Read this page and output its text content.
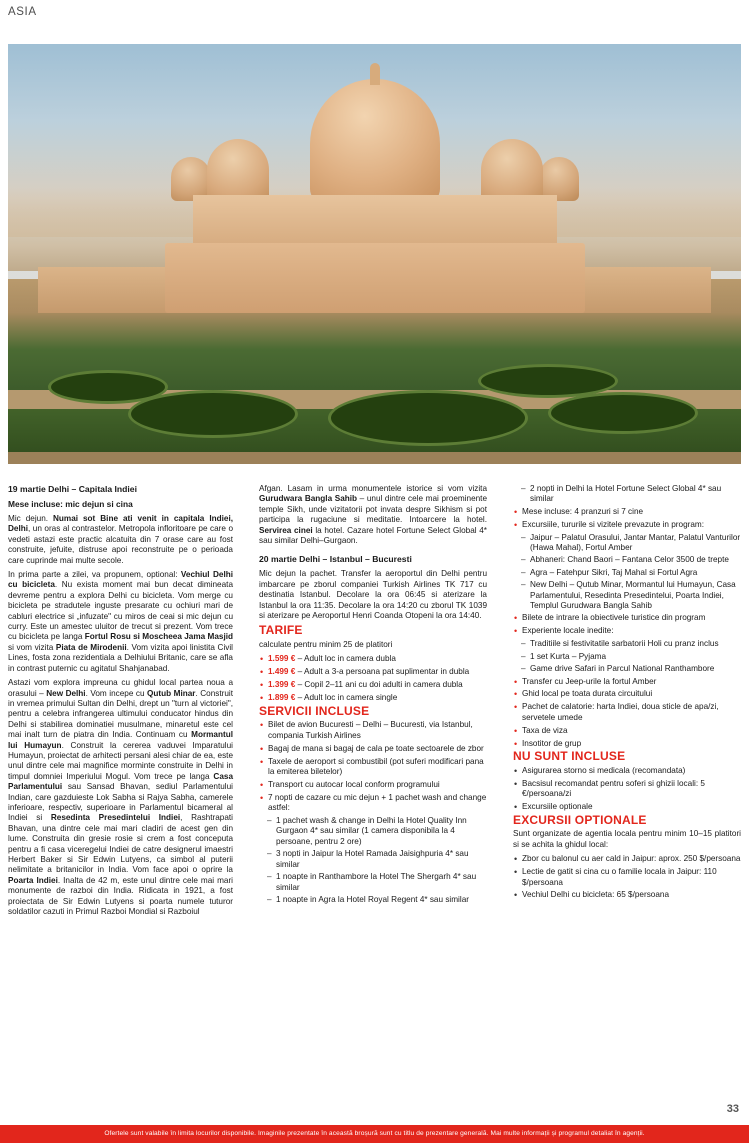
ASIA

19 martie Delhi – Capitala Indiei

Mese incluse: mic dejun si cina

Mic dejun. Numai sot Bine ati venit in capitala Indiei, Delhi, un oras al contrastelor. Metropola infloritoare pe care o vedeti astazi este practic alcatuita din 7 orase care au fost construite, jefuite, distruse apoi reconstruite pe o perioada care cuprinde mai multe secole.

In prima parte a zilei, va propunem, optional: Vechiul Delhi cu bicicleta. Nu exista moment mai bun decat dimineata devreme pentru a explora Delhi cu bicicleta. Vom merge cu bicicleta pe stradutele inguste presarate cu ochiuri mari de cabluri electrice si „infuzate" cu miros de ceai si mic dejun cu curry. Este un amestec uluitor de trecut si prezent. Vom trece cu bicicleta pe langa Fortul Rosu si Moscheea Jama Masjid si vom vizita Piata de Mirodenii. Vom vizita apoi linistita Civil Lines, fosta zona rezidentiala a Delhiului Britanic, care se afla in contrast puternic cu agitatul Shahjanabad.

Astazi vom explora impreuna cu ghidul local partea noua a orasului – New Delhi. Vom incepe cu Qutub Minar. Construit in vremea primului Sultan din Delhi, drept un "turn al victoriei", pentru a celebra infrangerea ultimului conducator hindus din Delhi si stabilirea dominatiei musulmane, minaretul este cel mai inalt turn de piatra din India. Continuam cu Mormantul lui Humayun. Construit la cererea vaduvei Imparatului Humayun, proiectat de arhitecti persani alesi chiar de ea, este unul dintre cele mai magnifice morminte construite in Delhi in timpul domniei Imperiului Mogul. Vom trece pe langa Casa Parlamentului sau Sansad Bhavan, sediul Parlamentului Indian, care gazduieste Lok Sabha si Rajya Sabha, camerele inferioare, respectiv, superioare in Parlamentul bicameral al Indiei si Resedinta Presedintelui Indiei, Rashtrapati Bhavan, una dintre cele mai mari cladiri de acest gen din lume. Construita din gresie rosie si crem a fost conceputa pentru a fi casa viceregelui Indiei de catre designerul imaestri Herbert Baker si Sir Edwin Lutyens, ca simbol al puterii nelimitate a britanicilor in India. Vom face apoi o oprire la Poarta Indiei. Inalta de 42 m, este unul dintre cele mai mari monumente de razboi din India. Ridicata in 1921, a fost proiectata de Sir Edwin Lutyens si poarta numele tuturor soldatilor cazuti in Primul Razboi Mondial si Razboiul

Afgan. Lasam in urma monumentele istorice si vom vizita Gurudwara Bangla Sahib – unul dintre cele mai proeminente temple Sikh, unde vizitatorii pot invata despre Sikhism si pot participa la rugaciune si meditatie. Intoarcere la hotel. Servirea cinei la hotel. Cazare hotel Fortune Select Global 4* sau similar Delhi–Gurgaon.

20 martie Delhi – Istanbul – Bucuresti

Mic dejun la pachet. Transfer la aeroportul din Delhi pentru imbarcare pe zborul companiei Turkish Airlines TK 717 cu destinatia Istanbul. Decolare la ora 06:45 si aterizare la Istanbul la ora 11:35. Decolare la ora 14:20 cu zborul TK 1039 si aterizare pe Aeroportul Henri Coanda Otopeni la ora 14:40.

TARIFE

calculate pentru minim 25 de platitori

• 1.599 € – Adult loc in camera dubla
• 1.499 € – Adult a 3-a persoana pat suplimentar in dubla
• 1.399 € – Copil 2–11 ani cu doi adulti in camera dubla
• 1.899 € – Adult loc in camera single

SERVICII INCLUSE

• Bilet de avion Bucuresti – Delhi – Bucuresti, via Istanbul, compania Turkish Airlines
• Bagaj de mana si bagaj de cala pe toate sectoarele de zbor
• Taxele de aeroport si combustibil (pot suferi modificari pana la emiterea biletelor)
• Transport cu autocar local conform programului
• 7 nopti de cazare cu mic dejun + 1 pachet wash and change astfel:
– 1 pachet wash & change in Delhi la Hotel Quality Inn Gurgaon 4* sau similar (1 camera disponibila la 4 persoane, pentru 2 ore)
– 3 nopti in Jaipur la Hotel Ramada Jaisighpuria 4* sau similar
– 1 noapte in Ranthambore la Hotel The Shergarh 4* sau similar
– 1 noapte in Agra la Hotel Royal Regent 4* sau similar
– 2 nopti in Delhi la Hotel Fortune Select Global 4* sau similar
• Mese incluse: 4 pranzuri si 7 cine
• Excursiile, tururile si vizitele prevazute in program:
– Jaipur – Palatul Orasului, Jantar Mantar, Palatul Vanturilor (Hawa Mahal), Fortul Amber
– Abhaneri: Chand Baori – Fantana Celor 3500 de trepte
– Agra – Fatehpur Sikri, Taj Mahal si Fortul Agra
– New Delhi – Qutub Minar, Mormantul lui Humayun, Casa Parlamentului, Resedinta Presedintelui, Poarta Indiei, Templul Gurudwara Bangla Sahib
• Bilete de intrare la obiectivele turistice din program
• Experiente locale inedite:
– Traditiile si festivitatile sarbatorii Holi cu pranz inclus
– 1 set Kurta – Pyjama
– Game drive Safari in Parcul National Ranthambore
• Transfer cu Jeep-urile la fortul Amber
• Ghid local pe toata durata circuitului
• Pachet de calatorie: harta Indiei, doua sticle de apa/zi, servetele umede
• Taxa de viza
• Insotitor de grup

NU SUNT INCLUSE

• Asigurarea storno si medicala (recomandata)
• Bacsisul recomandat pentru soferi si ghizii locali: 5 €/persoana/zi
• Excursiile optionale

EXCURSII OPTIONALE

Sunt organizate de agentia locala pentru minim 10–15 platitori si se achita la ghidul local:

• Zbor cu balonul cu aer cald in Jaipur: aprox. 250 $/persoana
• Lectie de gatit si cina cu o familie locala in Jaipur: 110 $/persoana
• Vechiul Delhi cu bicicleta: 65 $/persoana
33
Ofertele sunt valabile în limita locurilor disponibile. Imaginile prezentate în această broșură sunt cu titlu de prezentare generală. Mai multe informații și programul detaliat în agenții.
